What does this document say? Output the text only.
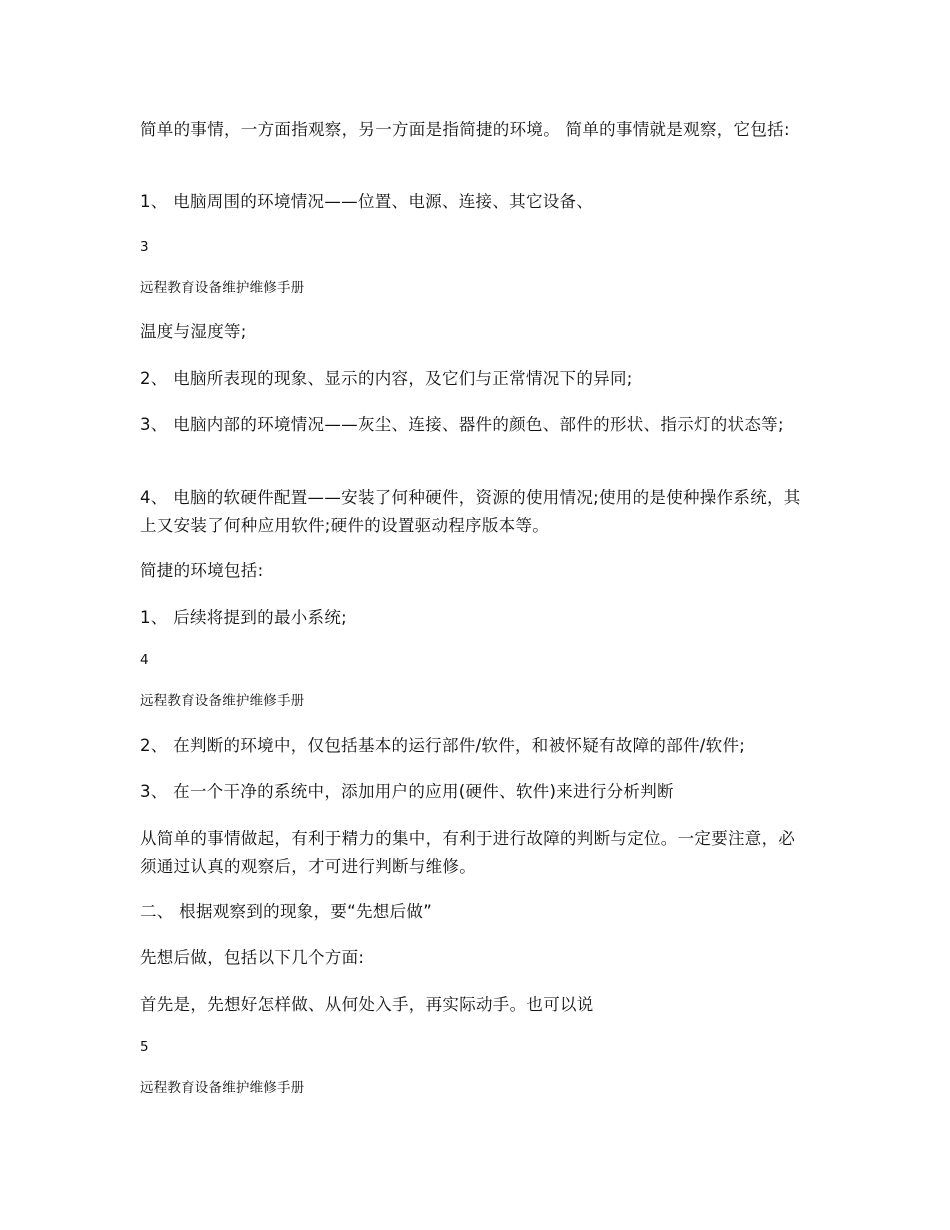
简单的事情，一方面指观察，另一方面是指简捷的环境。 简单的事情就是观察，它包括:
1、 电脑周围的环境情况——位置、电源、连接、其它设备、
3
远程教育设备维护维修手册
温度与湿度等;
2、 电脑所表现的现象、显示的内容，及它们与正常情况下的异同;
3、 电脑内部的环境情况——灰尘、连接、器件的颜色、部件的形状、指示灯的状态等;
4、 电脑的软硬件配置——安装了何种硬件，资源的使用情况;使用的是使种操作系统，其上又安装了何种应用软件;硬件的设置驱动程序版本等。
简捷的环境包括:
1、 后续将提到的最小系统;
4
远程教育设备维护维修手册
2、 在判断的环境中，仅包括基本的运行部件/软件，和被怀疑有故障的部件/软件;
3、 在一个干净的系统中，添加用户的应用(硬件、软件)来进行分析判断
从简单的事情做起，有利于精力的集中，有利于进行故障的判断与定位。一定要注意，必须通过认真的观察后，才可进行判断与维修。
二、 根据观察到的现象，要“先想后做”
先想后做，包括以下几个方面:
首先是，先想好怎样做、从何处入手，再实际动手。也可以说
5
远程教育设备维护维修手册
